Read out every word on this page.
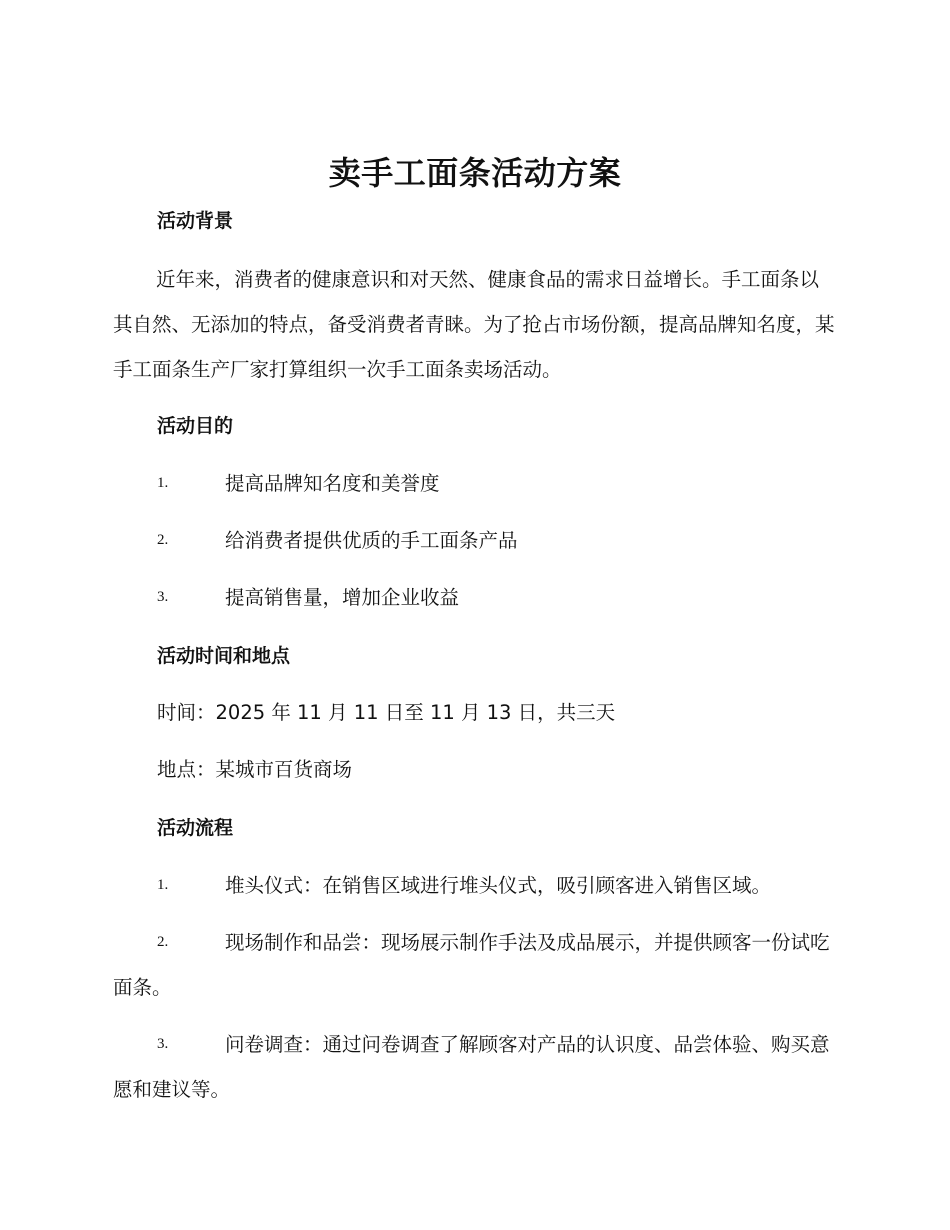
卖手工面条活动方案
活动背景

近年来，消费者的健康意识和对天然、健康食品的需求日益增长。手工面条以其自然、无添加的特点，备受消费者青睐。为了抢占市场份额，提高品牌知名度，某手工面条生产厂家打算组织一次手工面条卖场活动。

活动目的
1.	提高品牌知名度和美誉度
2.	给消费者提供优质的手工面条产品
3.	提高销售量，增加企业收益
活动时间和地点
时间：2025 年 11 月 11 日至 11 月 13 日，共三天
地点：某城市百货商场
活动流程
1.	堆头仪式：在销售区域进行堆头仪式，吸引顾客进入销售区域。
2.	现场制作和品尝：现场展示制作手法及成品展示，并提供顾客一份试吃面条。
3.	问卷调查：通过问卷调查了解顾客对产品的认识度、品尝体验、购买意愿和建议等。
